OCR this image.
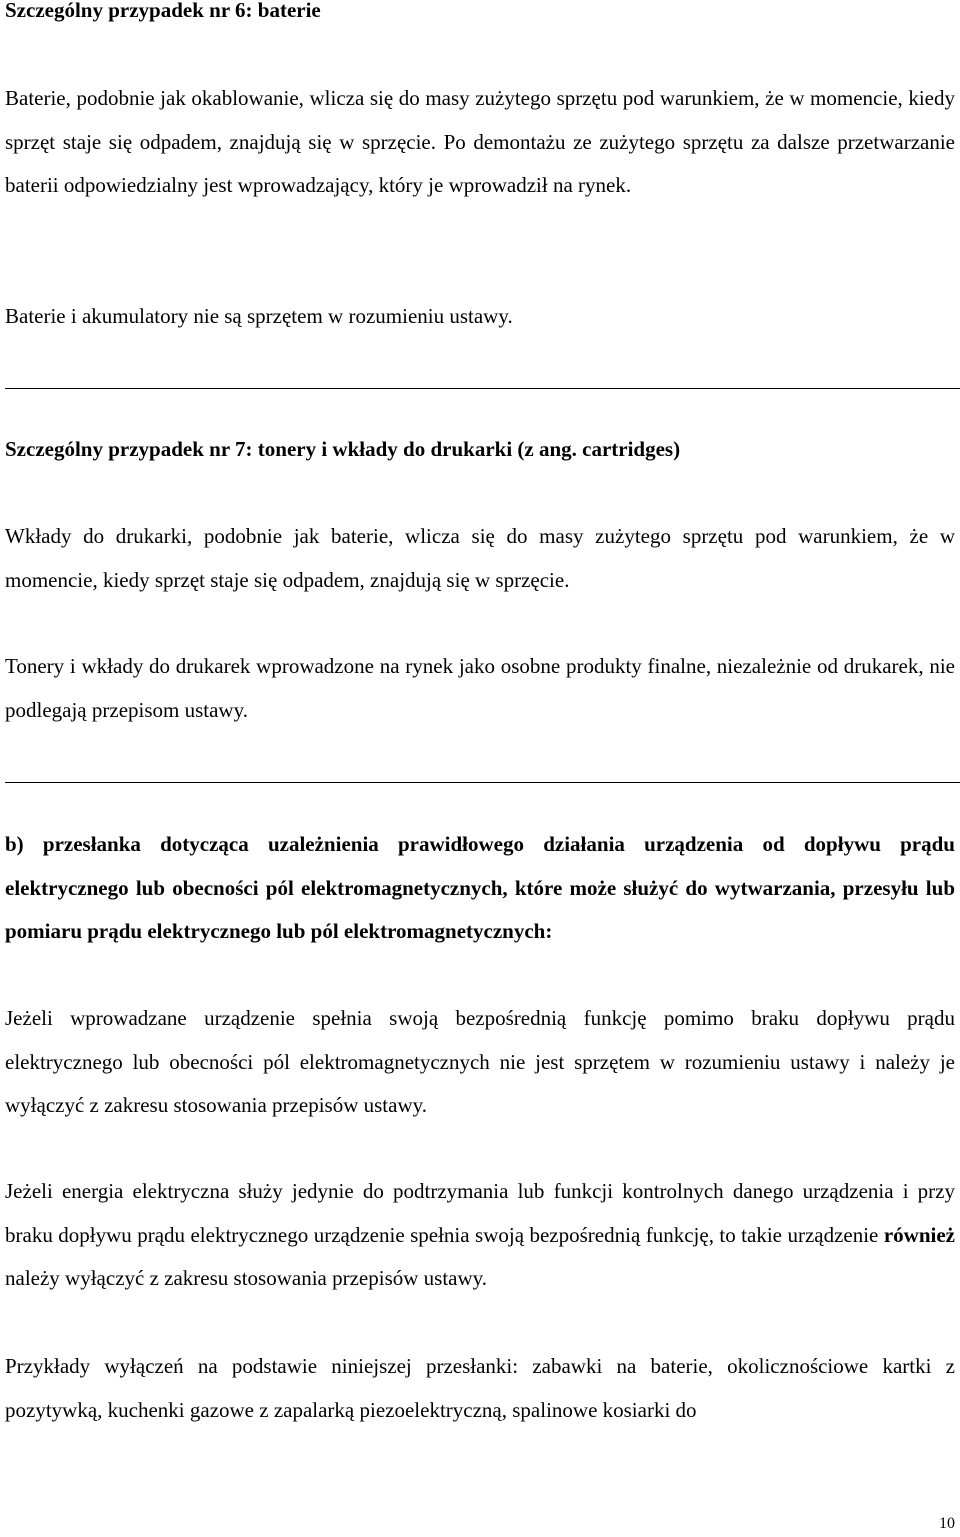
Szczególny przypadek nr 6: baterie

Baterie, podobnie jak okablowanie, wlicza się do masy zużytego sprzętu pod warunkiem, że w momencie, kiedy sprzęt staje się odpadem, znajdują się w sprzęcie. Po demontażu ze zużytego sprzętu za dalsze przetwarzanie baterii odpowiedzialny jest wprowadzający, który je wprowadził na rynek.

Baterie i akumulatory nie są sprzętem w rozumieniu ustawy.

Szczególny przypadek nr 7: tonery i wkłady do drukarki (z ang. cartridges)

Wkłady do drukarki, podobnie jak baterie, wlicza się do masy zużytego sprzętu pod warunkiem, że w momencie, kiedy sprzęt staje się odpadem, znajdują się w sprzęcie.

Tonery i wkłady do drukarek wprowadzone na rynek jako osobne produkty finalne, niezależnie od drukarek, nie podlegają przepisom ustawy.

b) przesłanka dotycząca uzależnienia prawidłowego działania urządzenia od dopływu prądu elektrycznego lub obecności pól elektromagnetycznych, które może służyć do wytwarzania, przesyłu lub pomiaru prądu elektrycznego lub pól elektromagnetycznych:

Jeżeli wprowadzane urządzenie spełnia swoją bezpośrednią funkcję pomimo braku dopływu prądu elektrycznego lub obecności pól elektromagnetycznych nie jest sprzętem w rozumieniu ustawy i należy je wyłączyć z zakresu stosowania przepisów ustawy.

Jeżeli energia elektryczna służy jedynie do podtrzymania lub funkcji kontrolnych danego urządzenia i przy braku dopływu prądu elektrycznego urządzenie spełnia swoją bezpośrednią funkcję, to takie urządzenie również należy wyłączyć z zakresu stosowania przepisów ustawy.

Przykłady wyłączeń na podstawie niniejszej przesłanki: zabawki na baterie, okolicznościowe kartki z pozytywką, kuchenki gazowe z zapalarką piezoelektryczną, spalinowe kosiarki do

10
